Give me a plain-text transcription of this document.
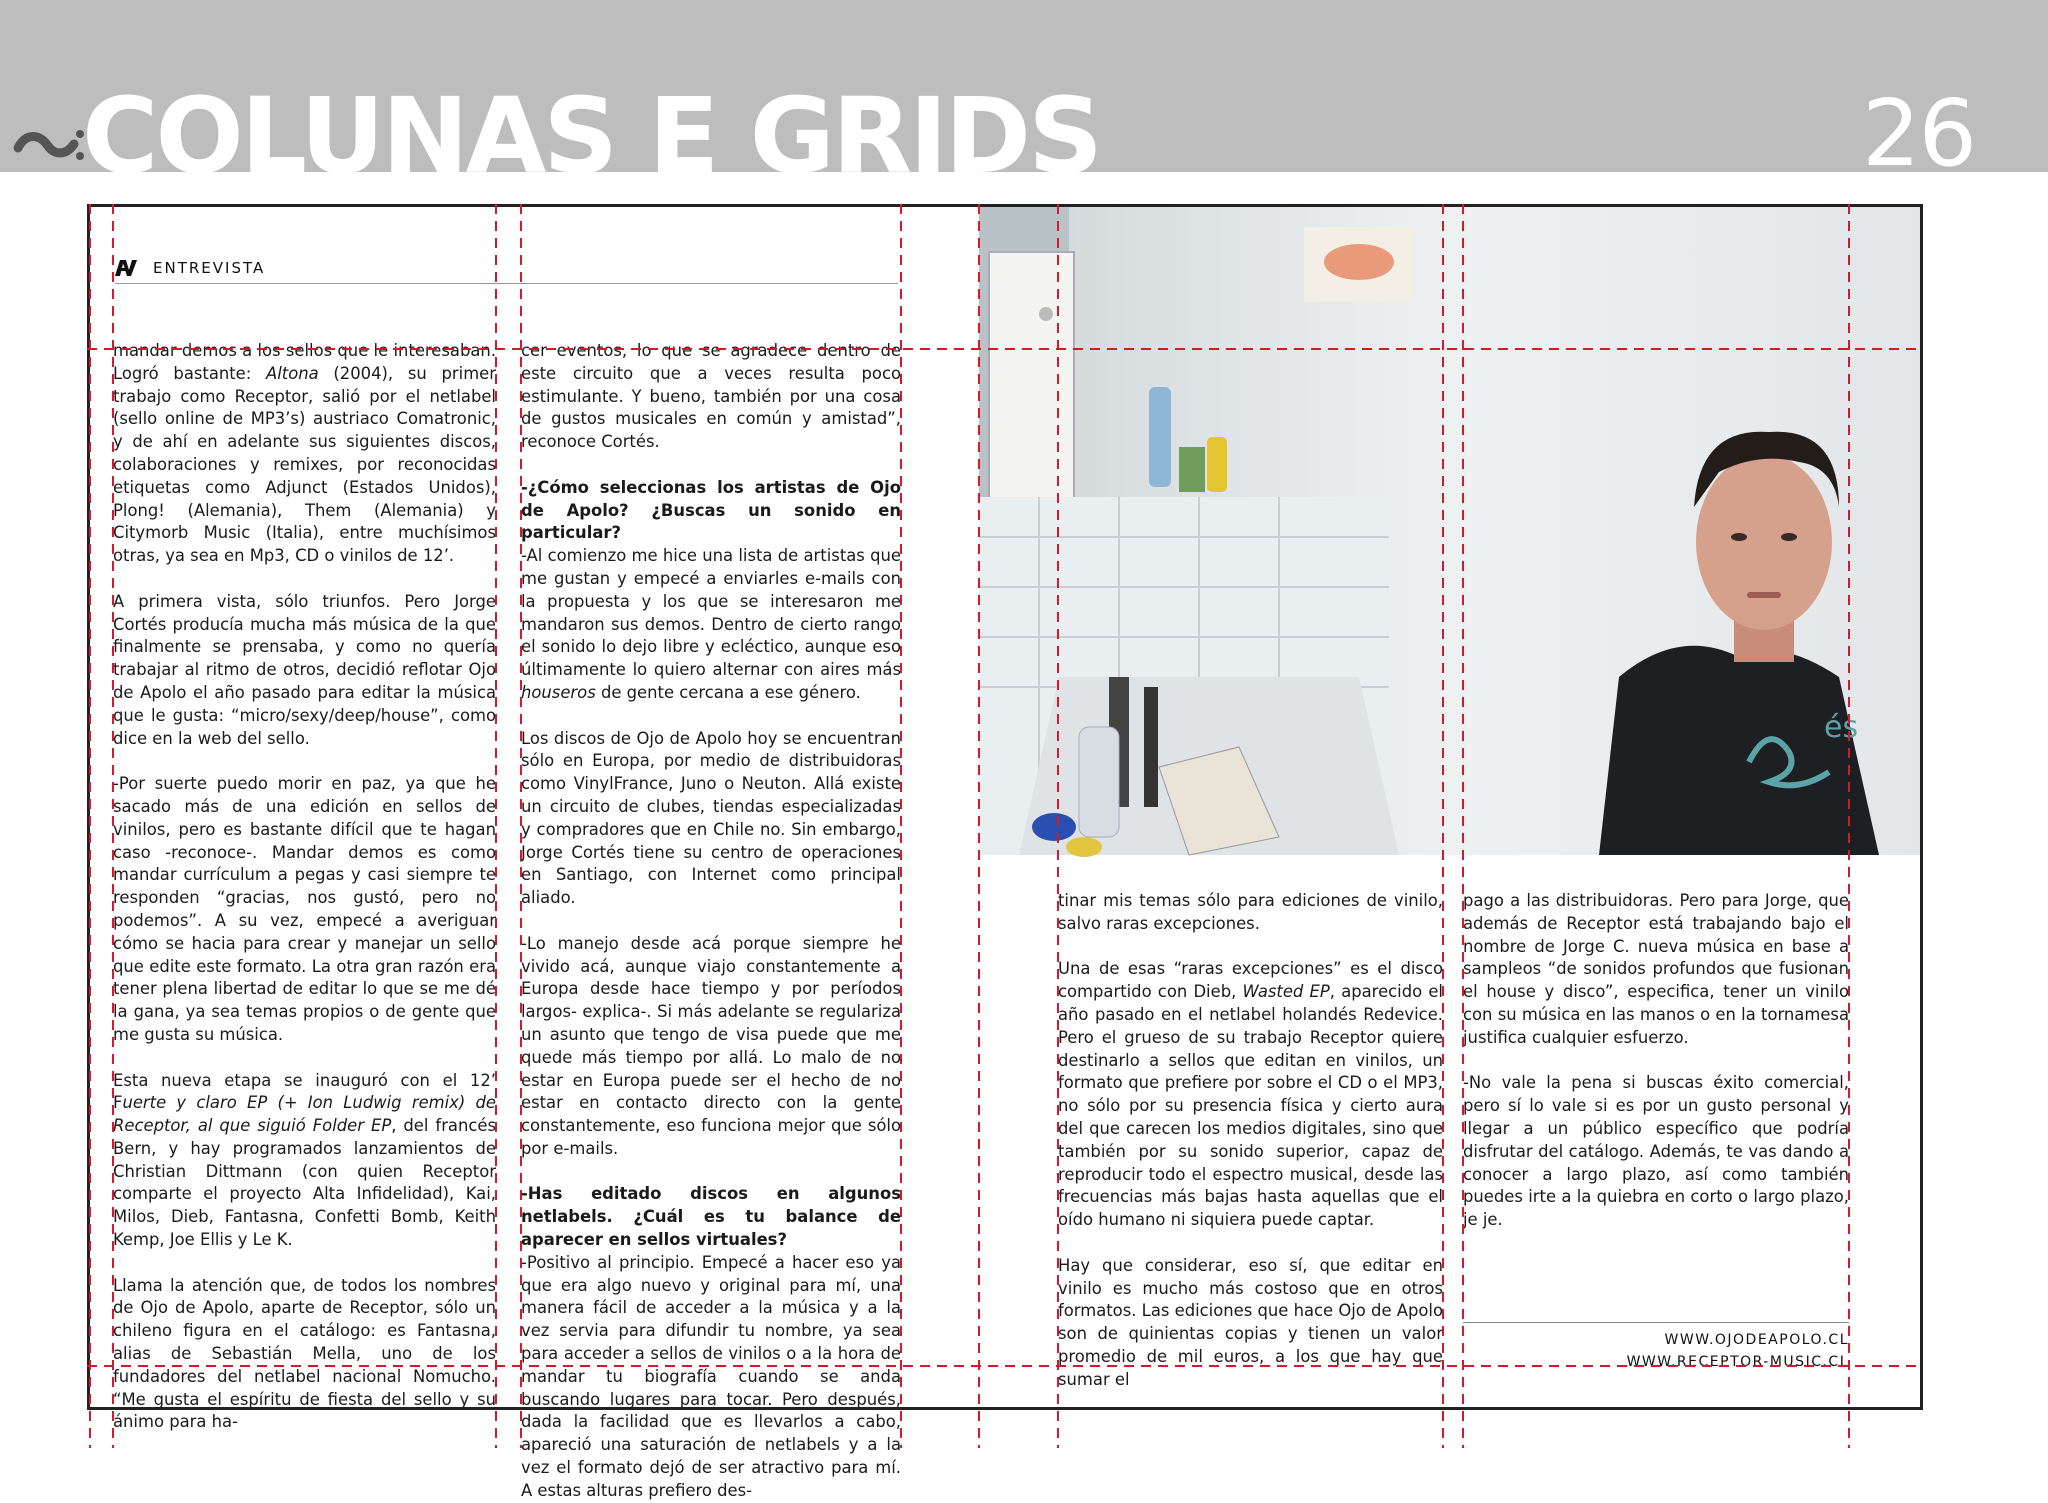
COLUNAS E GRIDS	26
ENTREVISTA

mandar demos a los sellos que le interesaban. Logró bastante: Altona (2004), su primer trabajo como Receptor, salió por el netlabel (sello online de MP3’s) austriaco Comatronic, y de ahí en adelante sus siguientes discos, colaboraciones y remixes, por reconocidas etiquetas como Adjunct (Estados Unidos), Plong! (Alemania), Them (Alemania) y Citymorb Music (Italia), entre muchísimos otras, ya sea en Mp3, CD o vinilos de 12’.

A primera vista, sólo triunfos. Pero Jorge Cortés producía mucha más música de la que finalmente se prensaba, y como no quería trabajar al ritmo de otros, decidió reflotar Ojo de Apolo el año pasado para editar la música que le gusta: “micro/sexy/deep/house”, como dice en la web del sello.

-Por suerte puedo morir en paz, ya que he sacado más de una edición en sellos de vinilos, pero es bastante difícil que te hagan caso -reconoce-. Mandar demos es como mandar currículum a pegas y casi siempre te responden “gracias, nos gustó, pero no podemos”. A su vez, empecé a averiguar cómo se hacia para crear y manejar un sello que edite este formato. La otra gran razón era tener plena libertad de editar lo que se me dé la gana, ya sea temas propios o de gente que me gusta su música.

Esta nueva etapa se inauguró con el 12’ Fuerte y claro EP (+ Ion Ludwig remix) de Receptor, al que siguió Folder EP, del francés Bern, y hay programados lanzamientos de Christian Dittmann (con quien Receptor comparte el proyecto Alta Infidelidad), Kai, Milos, Dieb, Fantasna, Confetti Bomb, Keith Kemp, Joe Ellis y Le K.

Llama la atención que, de todos los nombres de Ojo de Apolo, aparte de Receptor, sólo un chileno figura en el catálogo: es Fantasna, alias de Sebastián Mella, uno de los fundadores del netlabel nacional Nomucho. “Me gusta el espíritu de fiesta del sello y su ánimo para ha-

cer eventos, lo que se agradece dentro de este circuito que a veces resulta poco estimulante. Y bueno, también por una cosa de gustos musicales en común y amistad”, reconoce Cortés.

-¿Cómo seleccionas los artistas de Ojo de Apolo? ¿Buscas un sonido en particular?

-Al comienzo me hice una lista de artistas que me gustan y empecé a enviarles e-mails con la propuesta y los que se interesaron me mandaron sus demos. Dentro de cierto rango el sonido lo dejo libre y ecléctico, aunque eso últimamente lo quiero alternar con aires más houseros de gente cercana a ese género.

Los discos de Ojo de Apolo hoy se encuentran sólo en Europa, por medio de distribuidoras como VinylFrance, Juno o Neuton. Allá existe un circuito de clubes, tiendas especializadas y compradores que en Chile no. Sin embargo, Jorge Cortés tiene su centro de operaciones en Santiago, con Internet como principal aliado.

-Lo manejo desde acá porque siempre he vivido acá, aunque viajo constantemente a Europa desde hace tiempo y por períodos largos- explica-. Si más adelante se regulariza un asunto que tengo de visa puede que me quede más tiempo por allá. Lo malo de no estar en Europa puede ser el hecho de no estar en contacto directo con la gente constantemente, eso funciona mejor que sólo por e-mails.

-Has editado discos en algunos netlabels. ¿Cuál es tu balance de aparecer en sellos virtuales?

-Positivo al principio. Empecé a hacer eso ya que era algo nuevo y original para mí, una manera fácil de acceder a la música y a la vez servia para difundir tu nombre, ya sea para acceder a sellos de vinilos o a la hora de mandar tu biografía cuando se anda buscando lugares para tocar. Pero después, dada la facilidad que es llevarlos a cabo, apareció una saturación de netlabels y a la vez el formato dejó de ser atractivo para mí. A estas alturas prefiero des-

és

tinar mis temas sólo para ediciones de vinilo, salvo raras excepciones.

Una de esas “raras excepciones” es el disco compartido con Dieb, Wasted EP, aparecido el año pasado en el netlabel holandés Redevice. Pero el grueso de su trabajo Receptor quiere destinarlo a sellos que editan en vinilos, un formato que prefiere por sobre el CD o el MP3, no sólo por su presencia física y cierto aura del que carecen los medios digitales, sino que también por su sonido superior, capaz de reproducir todo el espectro musical, desde las frecuencias más bajas hasta aquellas que el oído humano ni siquiera puede captar.

Hay que considerar, eso sí, que editar en vinilo es mucho más costoso que en otros formatos. Las ediciones que hace Ojo de Apolo son de quinientas copias y tienen un valor promedio de mil euros, a los que hay que sumar el

pago a las distribuidoras. Pero para Jorge, que además de Receptor está trabajando bajo el nombre de Jorge C. nueva música en base a sampleos “de sonidos profundos que fusionan el house y disco”, especifica, tener un vinilo con su música en las manos o en la tornamesa justifica cualquier esfuerzo.

-No vale la pena si buscas éxito comercial, pero sí lo vale si es por un gusto personal y llegar a un público específico que podría disfrutar del catálogo. Además, te vas dando a conocer a largo plazo, así como también puedes irte a la quiebra en corto o largo plazo, je je.

WWW.OJODEAPOLO.CL
WWW.RECEPTOR-MUSIC.CL
